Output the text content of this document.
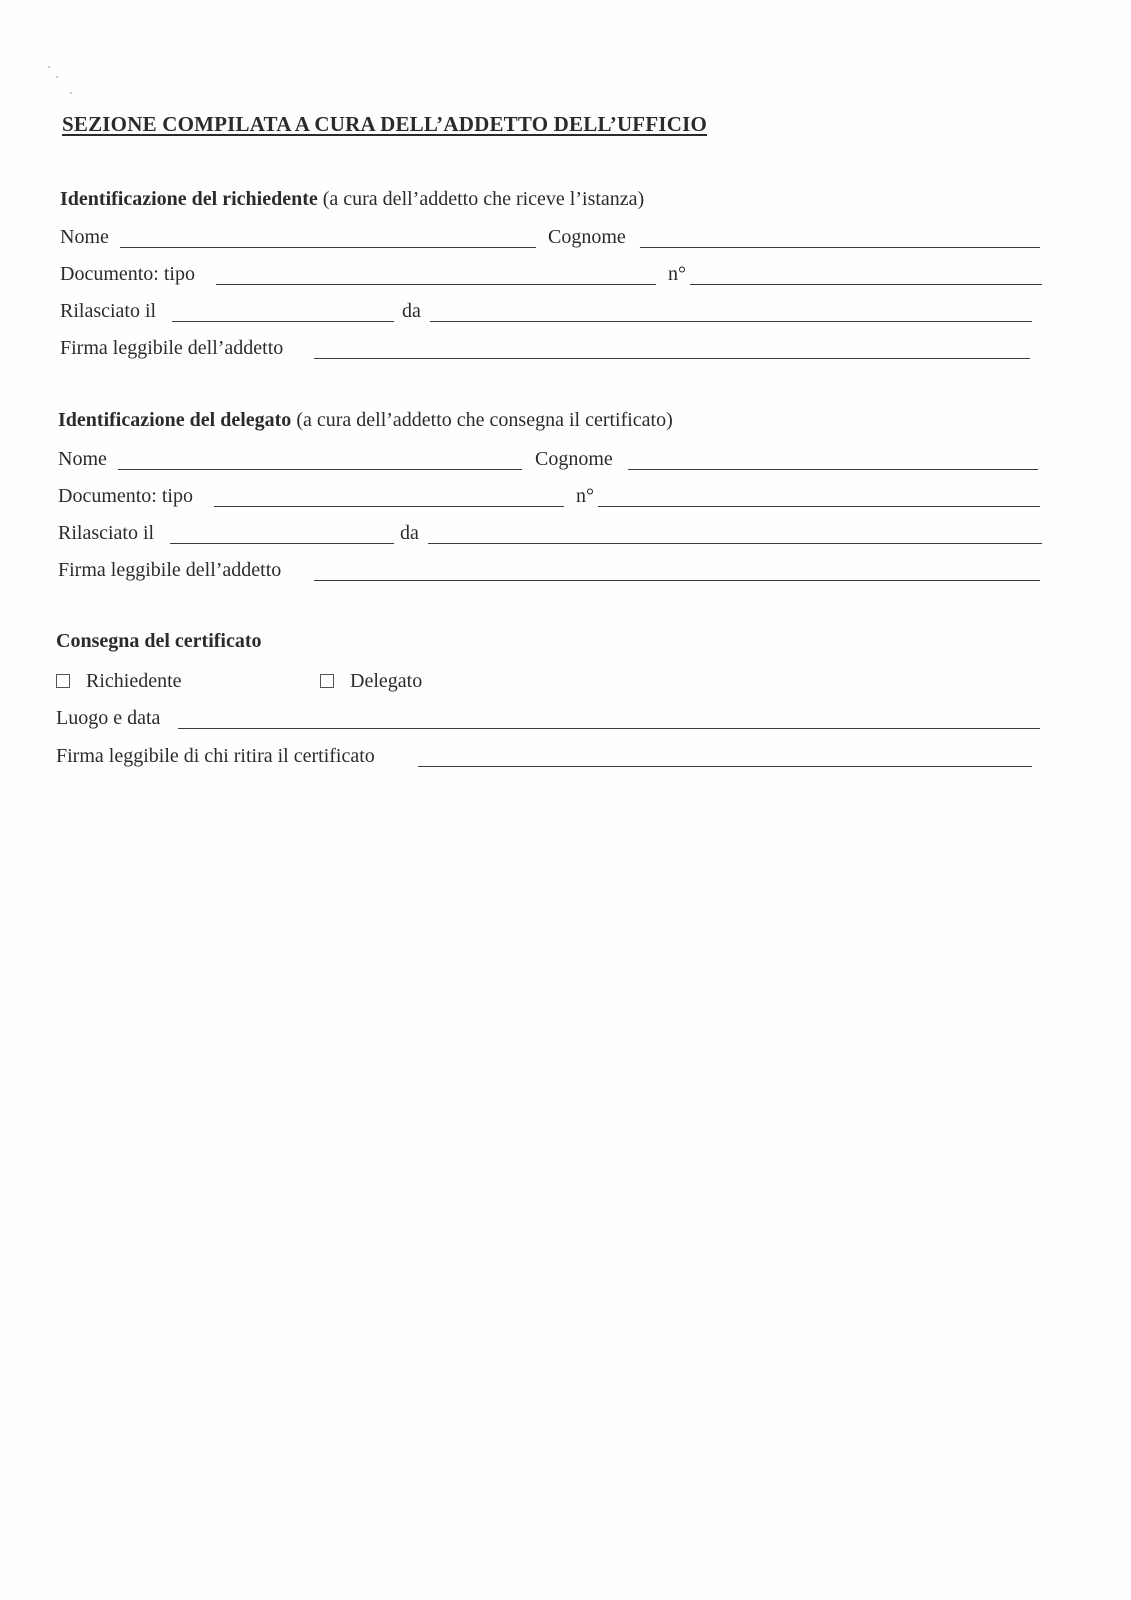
SEZIONE COMPILATA A CURA DELL’ADDETTO DELL’UFFICIO
Identificazione del richiedente (a cura dell’addetto che riceve l’istanza)
Nome	Cognome
Documento: tipo	n°
Rilasciato il	da
Firma leggibile dell’addetto
Identificazione del delegato (a cura dell’addetto che consegna il certificato)
Nome	Cognome
Documento: tipo	n°
Rilasciato il	da
Firma leggibile dell’addetto
Consegna del certificato
Richiedente	Delegato
Luogo e data
Firma leggibile di chi ritira il certificato
